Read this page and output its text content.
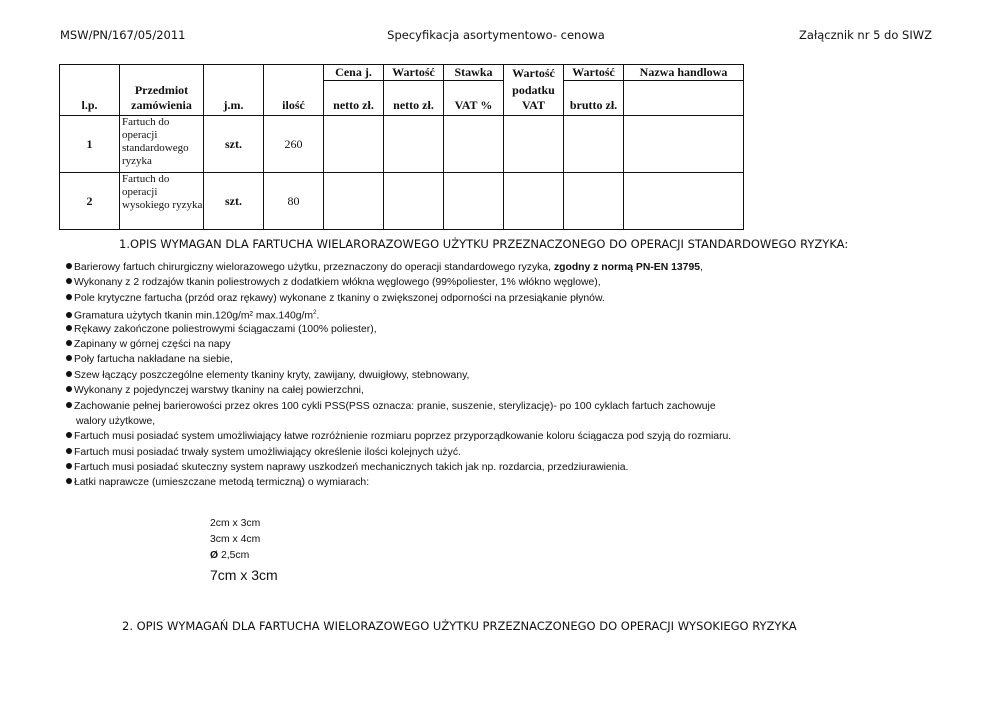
MSW/PN/167/05/2011	Specyfikacja asortymentowo- cenowa	Załącznik nr 5 do SIWZ
				Cena j.	Wartość	Stawka	Wartość	Wartość	Nazwa handlowa

l.p.	Przedmiot zamówienia	j.m.	ilość	netto zł.	netto zł.	VAT %	podatku VAT	brutto zł.	

1	Fartuch do operacji standardowego ryzyka	szt.	260						
2	Fartuch do operacji wysokiego ryzyka	szt.	80						
1.OPIS WYMAGAN DLA FARTUCHA WIELARORAZOWEGO UŻYTKU PRZEZNACZONEGO DO OPERACJI STANDARDOWEGO RYZYKA:
Barierowy fartuch chirurgiczny wielorazowego użytku, przeznaczony do operacji standardowego ryzyka, zgodny z normą PN-EN 13795,
Wykonany z 2 rodzajów tkanin poliestrowych z dodatkiem włókna węglowego (99%poliester, 1% włókno węglowe),
Pole krytyczne fartucha (przód oraz rękawy) wykonane z tkaniny o zwiększonej odporności na przesiąkanie płynów.
Gramatura użytych tkanin min.120g/m² $\max.140g/m^2$.
Rękawy zakończone poliestrowymi ściągaczami (100% poliester),
Zapinany w górnej części na napy
Poły fartucha nakładane na siebie,
Szew łączący poszczególne elementy tkaniny kryty, zawijany, dwuigłowy, stebnowany,
Wykonany z pojedynczej warstwy tkaniny na całej powierzchni,
Zachowanie pełnej barierowości przez okres 100 cykli PSS(PSS oznacza: pranie, suszenie, sterylizację)- po 100 cyklach fartuch zachowuje
walory użytkowe,
Fartuch musi posiadać system umożliwiający łatwe rozróżnienie rozmiaru poprzez przyporządkowanie koloru ściągacza pod szyją do rozmiaru.
Fartuch musi posiadać trwały system umożliwiający określenie ilości kolejnych użyć.
Fartuch musi posiadać skuteczny system naprawy uszkodzeń mechanicznych takich jak np. rozdarcia, przedziurawienia.
Łatki naprawcze (umieszczane metodą termiczną) o wymiarach:
2cm x 3cm
3cm x 4cm
Ø 2,5cm
7cm x 3cm
2. OPIS WYMAGAŃ DLA FARTUCHA WIELORAZOWEGO UŻYTKU PRZEZNACZONEGO DO OPERACJI WYSOKIEGO RYZYKA
